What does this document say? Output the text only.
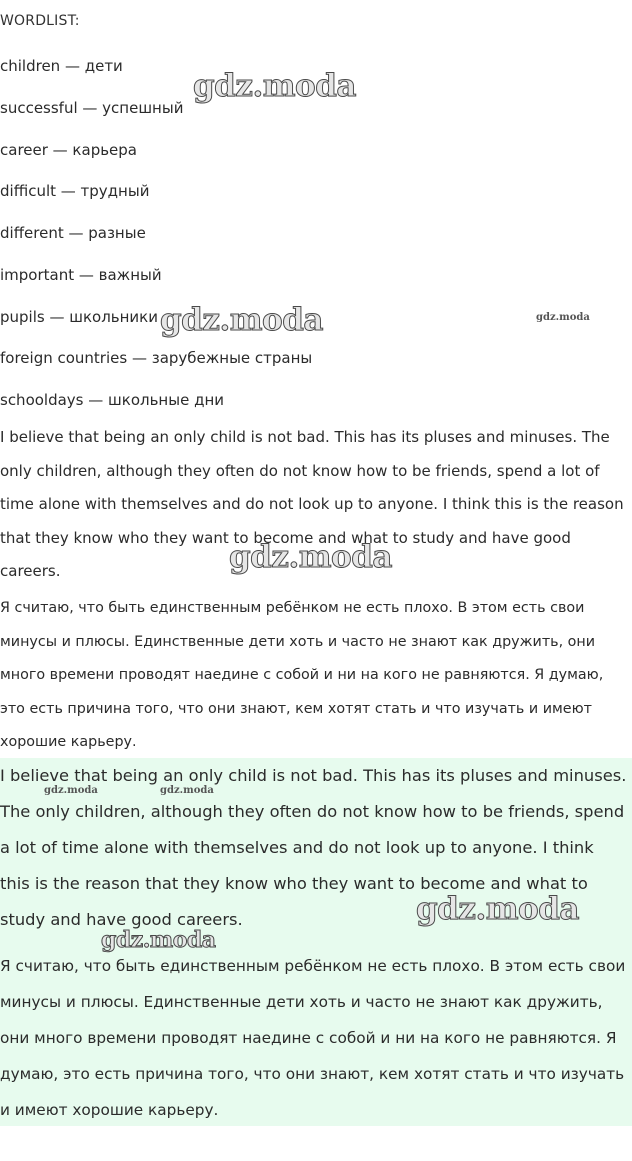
WORDLIST:
children — дети
successful — успешный
career — карьера
difficult — трудный
different — разные
important — важный
pupils — школьники
foreign countries — зарубежные страны
schooldays — школьные дни
I believe that being an only child is not bad. This has its pluses and minuses. The only children, although they often do not know how to be friends, spend a lot of time alone with themselves and do not look up to anyone. I think this is the reason that they know who they want to become and what to study and have good careers.
Я считаю, что быть единственным ребёнком не есть плохо. В этом есть свои минусы и плюсы. Единственные дети хоть и часто не знают как дружить, они много времени проводят наедине с собой и ни на кого не равняются. Я думаю, это есть причина того, что они знают, кем хотят стать и что изучать и имеют хорошие карьеру.
I believe that being an only child is not bad. This has its pluses and minuses. The only children, although they often do not know how to be friends, spend a lot of time alone with themselves and do not look up to anyone. I think this is the reason that they know who they want to become and what to study and have good careers.
Я считаю, что быть единственным ребёнком не есть плохо. В этом есть свои минусы и плюсы. Единственные дети хоть и часто не знают как дружить, они много времени проводят наедине с собой и ни на кого не равняются. Я думаю, это есть причина того, что они знают, кем хотят стать и что изучать и имеют хорошие карьеру.
gdz.moda
gdz.moda	gdz.moda
gdz.moda
gdz.moda	gdz.moda
gdz.moda
gdz.moda
